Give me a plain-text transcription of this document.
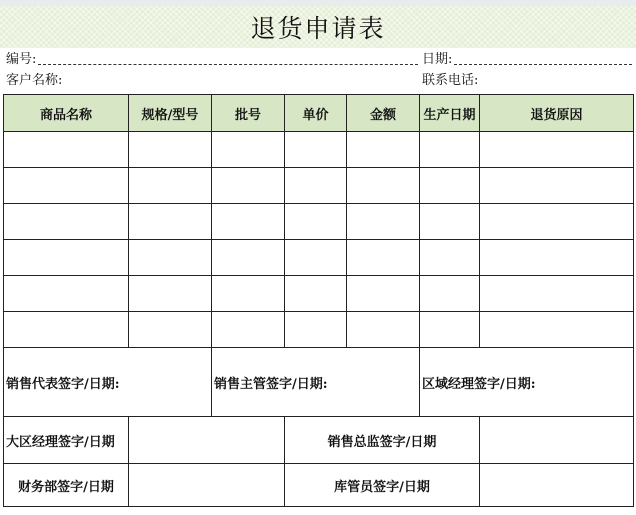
退货申请表
编号:	日期:
客户名称:	联系电话:
商品名称	规格/型号	批号	单价	金额	生产日期	退货原因

销售代表签字/日期:		销售主管签字/日期:			区域经理签字/日期:	
大区经理签字/日期			销售总监签字/日期			
财务部签字/日期			库管员签字/日期			
